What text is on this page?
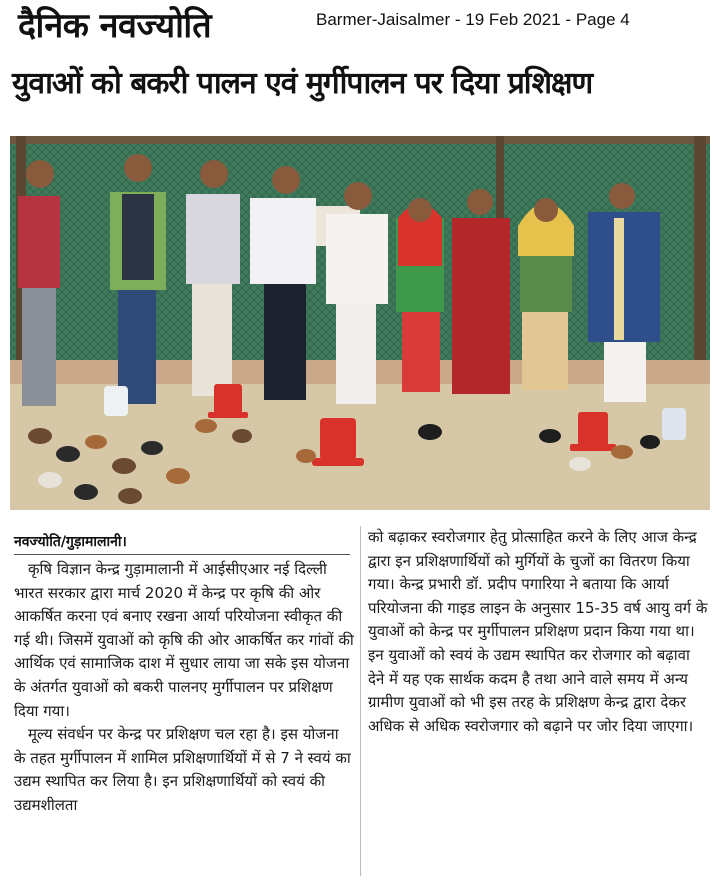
दैनिक नवज्योति	Barmer-Jaisalmer - 19 Feb 2021 - Page 4
युवाओं को बकरी पालन एवं मुर्गीपालन पर दिया प्रशिक्षण
नवज्योति/गुड़ामालानी।

कृषि विज्ञान केन्द्र गुड़ामालानी में आईसीएआर नई दिल्ली भारत सरकार द्वारा मार्च 2020 में केन्द्र पर कृषि की ओर आकर्षित करना एवं बनाए रखना आर्या परियोजना स्वीकृत की गई थी। जिसमें युवाओं को कृषि की ओर आकर्षित कर गांवों की आर्थिक एवं सामाजिक दाश में सुधार लाया जा सके इस योजना के अंतर्गत युवाओं को बकरी पालनए मुर्गीपालन पर प्रशिक्षण दिया गया।

मूल्य संवर्धन पर केन्द्र पर प्रशिक्षण चल रहा है। इस योजना के तहत मुर्गीपालन में शामिल प्रशिक्षणार्थियों में से 7 ने स्वयं का उद्यम स्थापित कर लिया है। इन प्रशिक्षणार्थियों को स्वयं की उद्यमशीलता

को बढ़ाकर स्वरोजगार हेतु प्रोत्साहित करने के लिए आज केन्द्र द्वारा इन प्रशिक्षणार्थियों को मुर्गियों के चुजों का वितरण किया गया। केन्द्र प्रभारी डॉ. प्रदीप पगारिया ने बताया कि आर्या परियोजना की गाइड लाइन के अनुसार 15-35 वर्ष आयु वर्ग के युवाओं को केन्द्र पर मुर्गीपालन प्रशिक्षण प्रदान किया गया था। इन युवाओं को स्वयं के उद्यम स्थापित कर रोजगार को बढ़ावा देने में यह एक सार्थक कदम है तथा आने वाले समय में अन्य ग्रामीण युवाओं को भी इस तरह के प्रशिक्षण केन्द्र द्वारा देकर अधिक से अधिक स्वरोजगार को बढ़ाने पर जोर दिया जाएगा।
